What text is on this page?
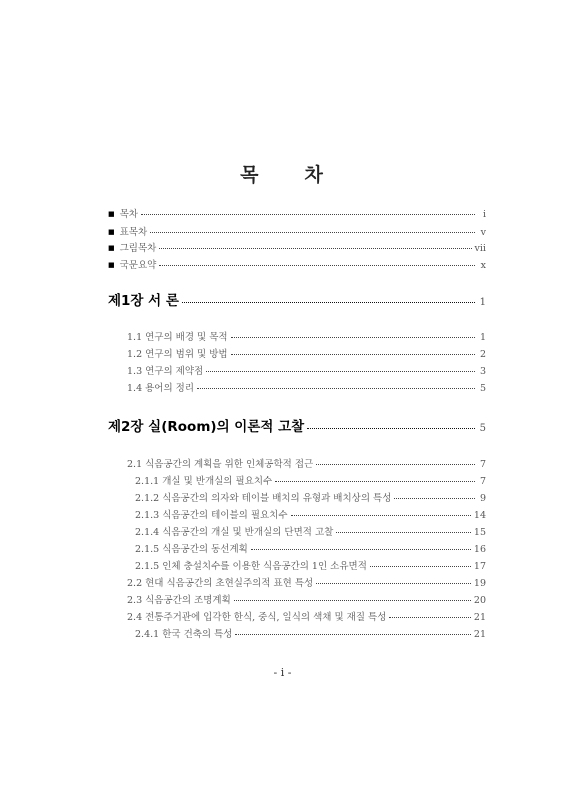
목 차
■ 목차	i
■ 표목차	v
■ 그림목차	ⅶ
■ 국문요약	x
제1장 서 론	1
1.1 연구의 배경 및 목적	1
1.2 연구의 범위 및 방법	2
1.3 연구의 제약점	3
1.4 용어의 정리	5
제2장 실(Room)의 이론적 고찰	5
2.1 식음공간의 계획을 위한 인체공학적 접근	7
2.1.1 개실 및 반개실의 필요치수	7
2.1.2 식음공간의 의자와 테이블 배치의 유형과 배치상의 특성	9
2.1.3 식음공간의 테이블의 필요치수	14
2.1.4 식음공간의 개실 및 반개실의 단면적 고찰	15
2.1.5 식음공간의 동선계획	16
2.1.5 인체 충설치수를 이용한 식음공간의 1인 소유면적	17
2.2 현대 식음공간의 초현실주의적 표현 특성	19
2.3 식음공간의 조명계획	20
2.4 전통주거관에 입각한 한식, 중식, 일식의 색채 및 재질 특성	21
2.4.1 한국 건축의 특성	21
- i -
